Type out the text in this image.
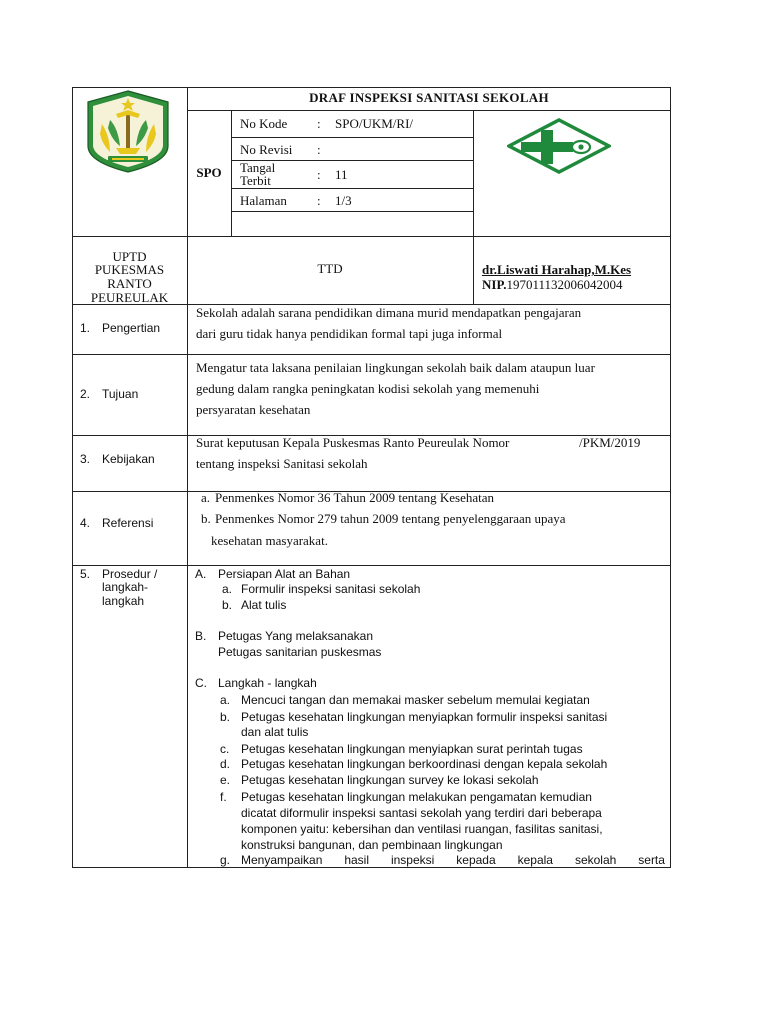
DRAF INSPEKSI SANITASI SEKOLAH
SPO
No Kode : SPO/UKM/RI/
No Revisi :
Tangal
Terbit	: 11
Halaman : 1/3
UPTD
PUKESMAS
RANTO
PEUREULAK
TTD	dr.Liswati Harahap,M.Kes
NIP.197011132006042004
1. Pengertian
Sekolah adalah sarana pendidikan dimana murid mendapatkan pengajaran
dari guru tidak hanya pendidikan formal tapi juga informal
2. Tujuan
Mengatur tata laksana penilaian lingkungan sekolah baik dalam ataupun luar
gedung dalam rangka peningkatan kodisi sekolah yang memenuhi
persyaratan kesehatan
3. Kebijakan
Surat keputusan Kepala Puskesmas Ranto Peureulak Nomor	/PKM/2019
tentang inspeksi Sanitasi sekolah
4. Referensi
a. Penmenkes Nomor 36 Tahun 2009 tentang Kesehatan
b. Penmenkes Nomor 279 tahun 2009 tentang penyelenggaraan upaya
kesehatan masyarakat.
5. Prosedur /
langkah-
langkah
A. Persiapan Alat an Bahan
a. Formulir inspeksi sanitasi sekolah
b. Alat tulis
B. Petugas Yang melaksanakan
Petugas sanitarian puskesmas
C. Langkah - langkah
a. Mencuci tangan dan memakai masker sebelum memulai kegiatan
b. Petugas kesehatan lingkungan menyiapkan formulir inspeksi sanitasi
dan alat tulis
c. Petugas kesehatan lingkungan menyiapkan surat perintah tugas
d. Petugas kesehatan lingkungan berkoordinasi dengan kepala sekolah
e. Petugas kesehatan lingkungan survey ke lokasi sekolah
f. Petugas kesehatan lingkungan melakukan pengamatan kemudian
dicatat diformulir inspeksi santasi sekolah yang terdiri dari beberapa
komponen yaitu: kebersihan dan ventilasi ruangan, fasilitas sanitasi,
konstruksi bangunan, dan pembinaan lingkungan
g. Menyampaikan hasil inspeksi kepada kepala sekolah serta
